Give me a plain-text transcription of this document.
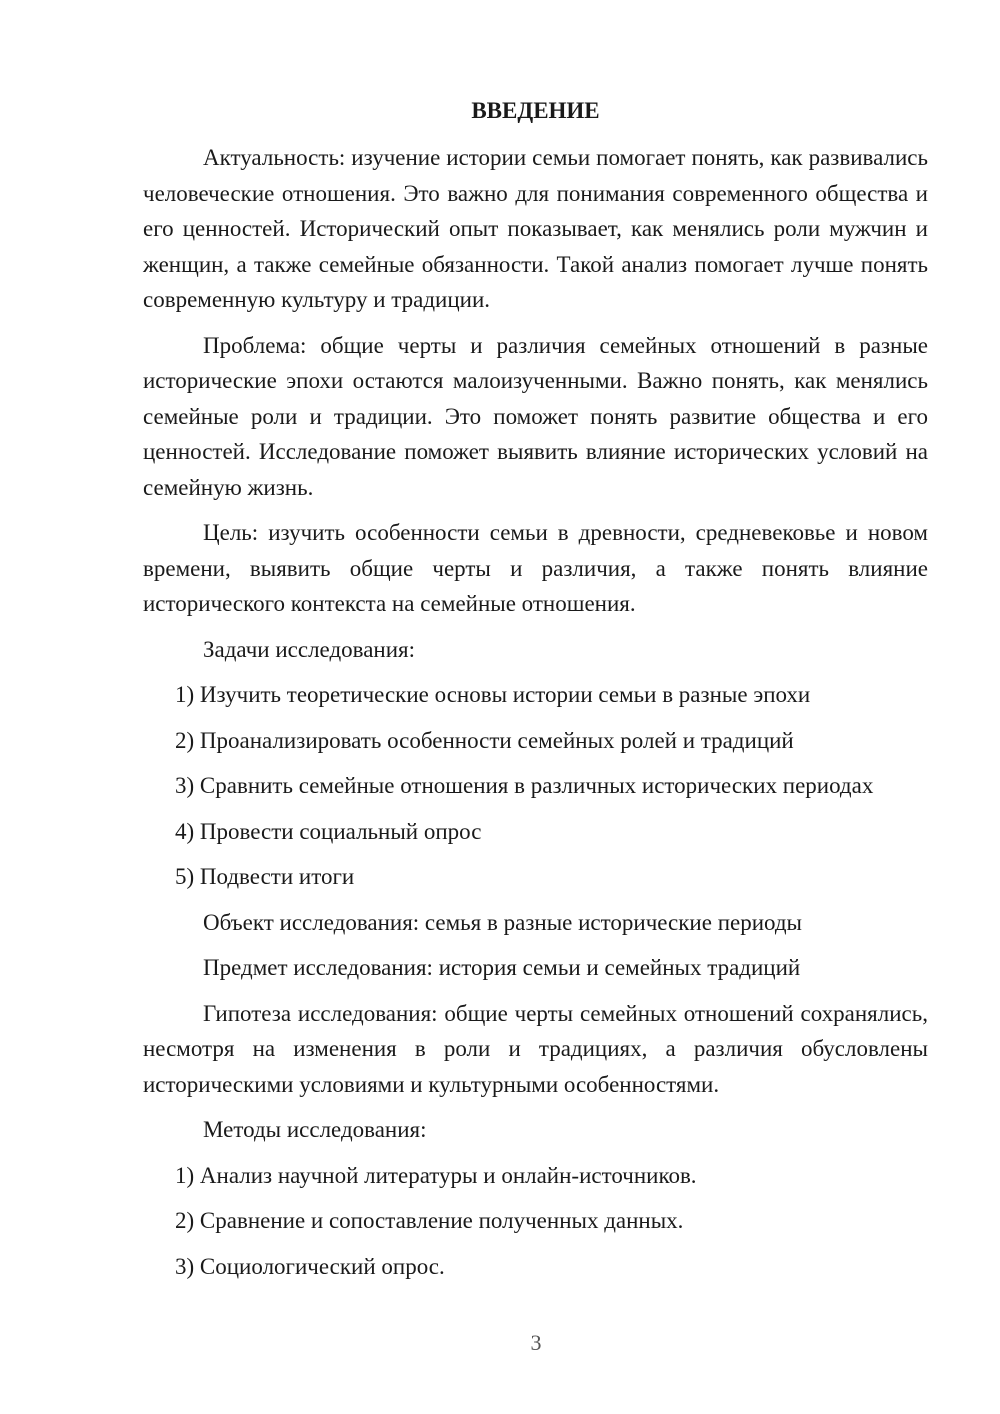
ВВЕДЕНИЕ

Актуальность: изучение истории семьи помогает понять, как развивались человеческие отношения. Это важно для понимания современного общества и его ценностей. Исторический опыт показывает, как менялись роли мужчин и женщин, а также семейные обязанности. Такой анализ помогает лучше понять современную культуру и традиции.

Проблема: общие черты и различия семейных отношений в разные исторические эпохи остаются малоизученными. Важно понять, как менялись семейные роли и традиции. Это поможет понять развитие общества и его ценностей. Исследование поможет выявить влияние исторических условий на семейную жизнь.

Цель: изучить особенности семьи в древности, средневековье и новом времени, выявить общие черты и различия, а также понять влияние исторического контекста на семейные отношения.

Задачи исследования:
1) Изучить теоретические основы истории семьи в разные эпохи
2) Проанализировать особенности семейных ролей и традиций
3) Сравнить семейные отношения в различных исторических периодах
4) Провести социальный опрос
5) Подвести итоги
Объект исследования: семья в разные исторические периоды
Предмет исследования: история семьи и семейных традиций

Гипотеза исследования: общие черты семейных отношений сохранялись, несмотря на изменения в роли и традициях, а различия обусловлены историческими условиями и культурными особенностями.

Методы исследования:
1) Анализ научной литературы и онлайн-источников.
2) Сравнение и сопоставление полученных данных.
3) Социологический опрос.
3
